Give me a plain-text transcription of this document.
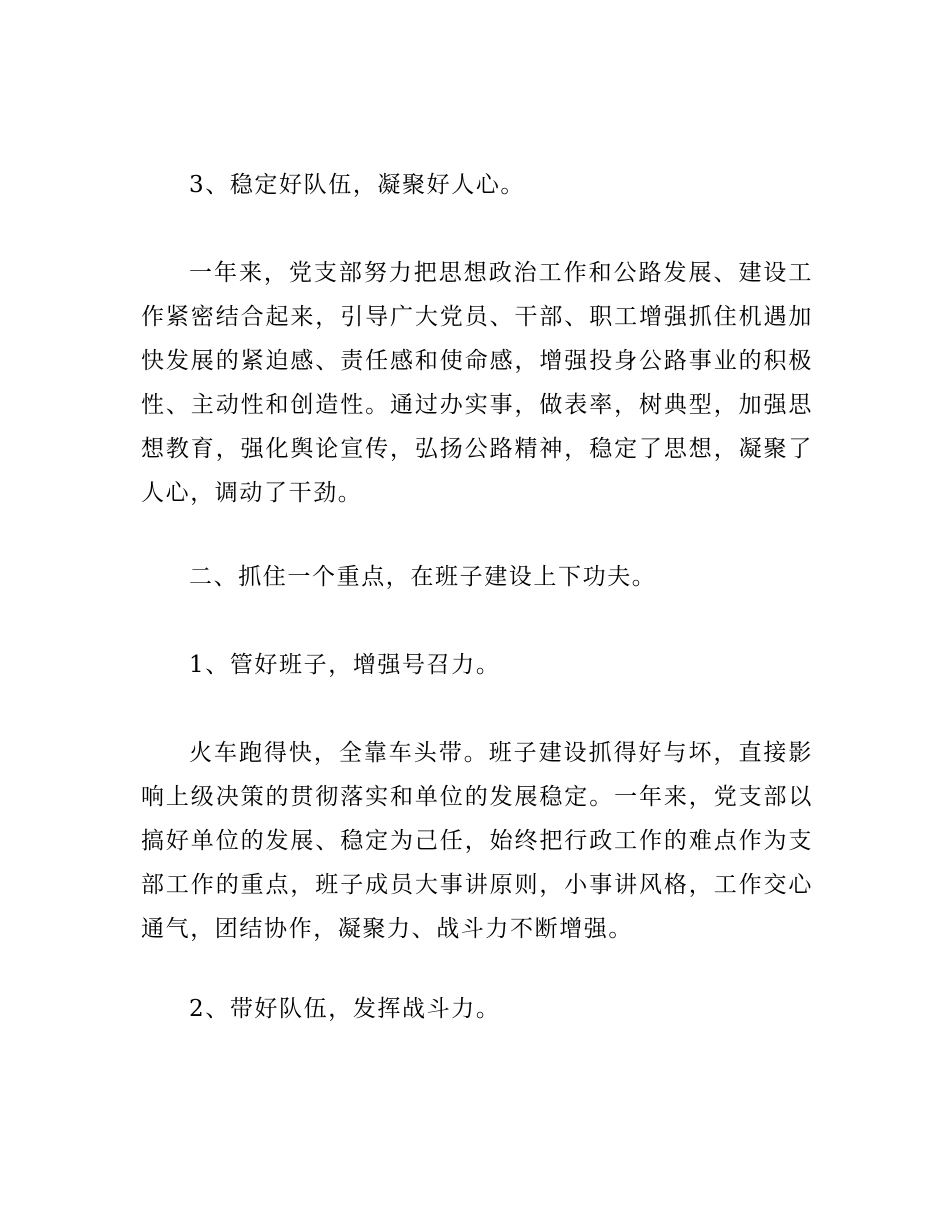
3、稳定好队伍，凝聚好人心。

一年来，党支部努力把思想政治工作和公路发展、建设工
作紧密结合起来，引导广大党员、干部、职工增强抓住机遇加
快发展的紧迫感、责任感和使命感，增强投身公路事业的积极
性、主动性和创造性。通过办实事，做表率，树典型，加强思
想教育，强化舆论宣传，弘扬公路精神，稳定了思想，凝聚了
人心，调动了干劲。

二、抓住一个重点，在班子建设上下功夫。

1、管好班子，增强号召力。

火车跑得快，全靠车头带。班子建设抓得好与坏，直接影
响上级决策的贯彻落实和单位的发展稳定。一年来，党支部以
搞好单位的发展、稳定为己任，始终把行政工作的难点作为支
部工作的重点，班子成员大事讲原则，小事讲风格，工作交心
通气，团结协作，凝聚力、战斗力不断增强。

2、带好队伍，发挥战斗力。
